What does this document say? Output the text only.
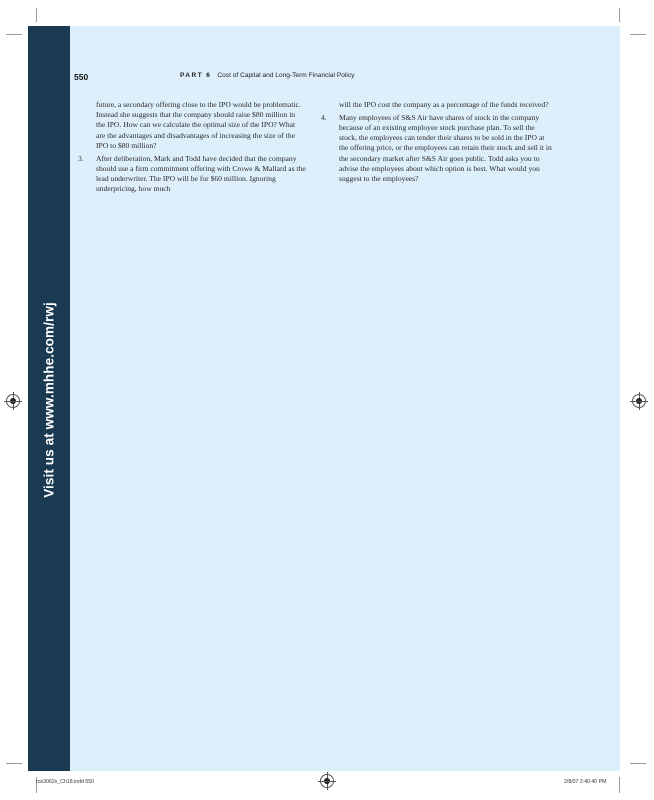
Visit us at www.mhhe.com/rwj
550	PART 6 Cost of Capital and Long-Term Financial Policy

future, a secondary offering close to the IPO would be problematic. Instead she suggests that the company should raise $80 million in the IPO. How can we calculate the optimal size of the IPO? What are the advantages and disadvantages of increasing the size of the IPO to $80 million?

3. After deliberation, Mark and Todd have decided that the company should use a firm commitment offering with Crowe & Mallard as the lead underwriter. The IPO will be for $60 million. Ignoring underpricing, how much

will the IPO cost the company as a percentage of the funds received?

4. Many employees of S&S Air have shares of stock in the company because of an existing employee stock purchase plan. To sell the stock, the employees can tender their shares to be sold in the IPO at the offering price, or the employees can retain their stock and sell it in the secondary market after S&S Air goes public. Todd asks you to advise the employees about which option is best. What would you suggest to the employees?

ros3062x_Ch18.indd 550	2/8/07 2:40:40 PM
